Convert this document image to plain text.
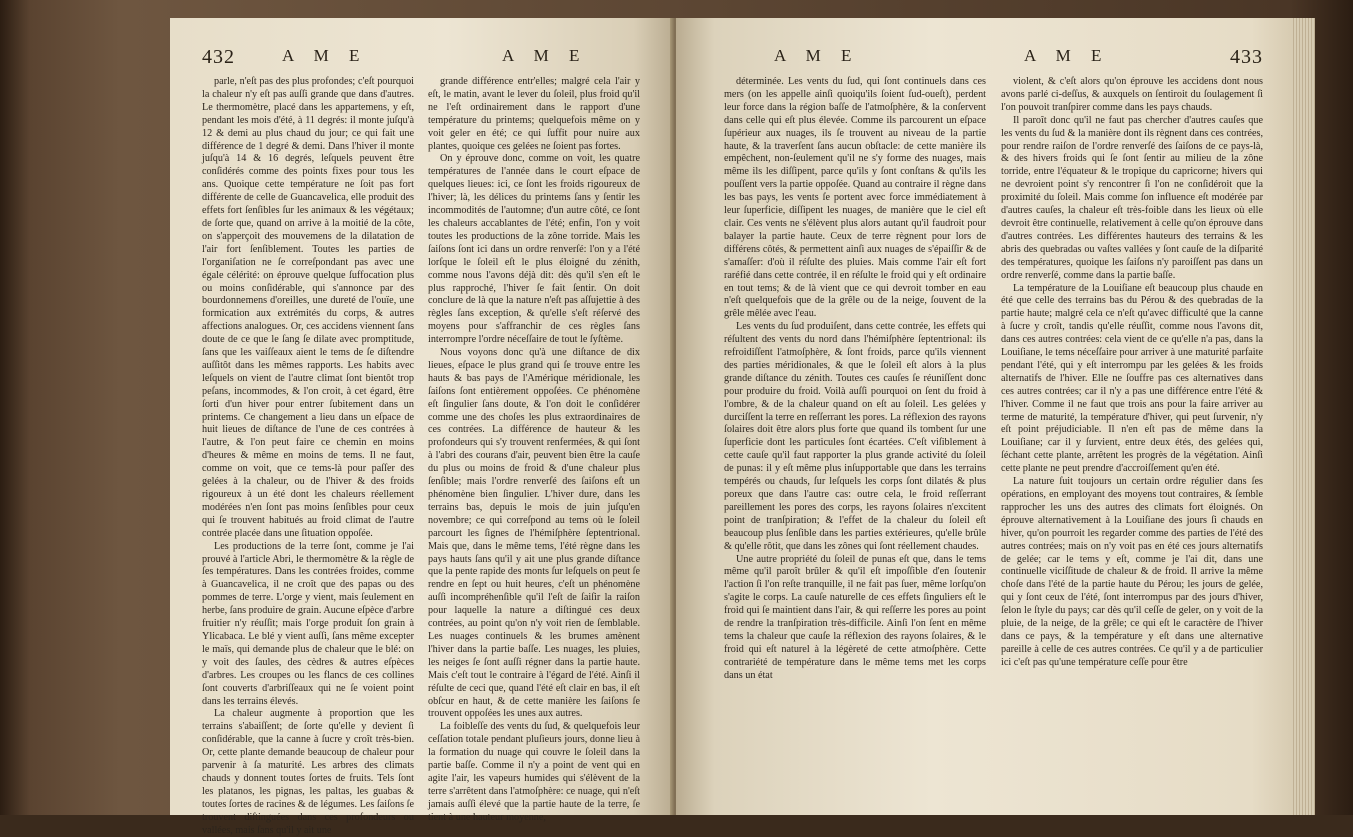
432	A M E	A M E

parle, n'eſt pas des plus profondes; c'eſt pourquoi la chaleur n'y eſt pas auſſi grande que dans d'autres. Le thermomètre, placé dans les appartemens, y eſt, pendant les mois d'été, à 11 degrés: il monte juſqu'à 12 & demi au plus chaud du jour; ce qui fait une différence de 1 degré & demi. Dans l'hiver il monte juſqu'à 14 & 16 degrés, leſquels peuvent être conſidérés comme des points fixes pour tous les ans. Quoique cette température ne ſoit pas fort différente de celle de Guancavelica, elle produit des effets fort ſenſibles ſur les animaux & les végétaux; de ſorte que, quand on arrive à la moitié de la côte, on s'apperçoit des mouvemens de la dilatation de l'air fort ſenſiblement. Toutes les parties de l'organiſation ne ſe correſpondant pas avec une égale célérité: on éprouve quelque ſuffocation plus ou moins conſidérable, qui s'annonce par des bourdonnemens d'oreilles, une dureté de l'ouïe, une formication aux extrémités du corps, & autres affections analogues. Or, ces accidens viennent ſans doute de ce que le ſang ſe dilate avec promptitude, ſans que les vaiſſeaux aient le tems de ſe diſtendre auſſitôt dans les mêmes rapports. Les habits avec leſquels on vient de l'autre climat ſont bientôt trop peſans, incommodes, & l'on croit, à cet égard, être ſorti d'un hiver pour entrer ſubitement dans un printems. Ce changement a lieu dans un eſpace de huit lieues de diſtance de l'une de ces contrées à l'autre, & l'on peut faire ce chemin en moins d'heures & même en moins de tems. Il ne faut, comme on voit, que ce tems-là pour paſſer des gelées à la chaleur, ou de l'hiver & des froids rigoureux à un été dont les chaleurs réellement modérées n'en ſont pas moins ſenſibles pour ceux qui ſe trouvent habitués au froid climat de l'autre contrée placée dans une ſituation oppoſée.

Les productions de la terre ſont, comme je l'ai prouvé à l'article Abri, le thermomètre & la règle de ſes températures. Dans les contrées froides, comme à Guancavelica, il ne croît que des papas ou des pommes de terre. L'orge y vient, mais ſeulement en herbe, ſans produire de grain. Aucune eſpèce d'arbre fruitier n'y réuſſit; mais l'orge produit ſon grain à Ylicabaca. Le blé y vient auſſi, ſans même excepter le maïs, qui demande plus de chaleur que le blé: on y voit des ſaules, des cèdres & autres eſpèces d'arbres. Les croupes ou les flancs de ces collines ſont couverts d'arbriſſeaux qui ne ſe voient point dans les terrains élevés.

La chaleur augmente à proportion que les terrains s'abaiſſent; de ſorte qu'elle y devient ſi conſidérable, que la canne à ſucre y croît très-bien. Or, cette plante demande beaucoup de chaleur pour parvenir à ſa maturité. Les arbres des climats chauds y donnent toutes ſortes de fruits. Tels ſont les platanos, les pignas, les paltas, les guabas & toutes ſortes de racines & de légumes. Les ſaiſons ſe trouvent diſtinguées dans ces profondeurs ou vallées, mais ſans qu'il y ait une

grande différence entr'elles; malgré cela l'air y eſt, le matin, avant le lever du ſoleil, plus froid qu'il ne l'eſt ordinairement dans le rapport d'une température du printems; quelquefois même on y voit geler en été; ce qui ſuffit pour nuire aux plantes, quoique ces gelées ne ſoient pas fortes.

On y éprouve donc, comme on voit, les quatre températures de l'année dans le court eſpace de quelques lieues: ici, ce ſont les froids rigoureux de l'hiver; là, les délices du printems ſans y ſentir les incommodités de l'automne; d'un autre côté, ce ſont les chaleurs accablantes de l'été; enfin, l'on y voit toutes les productions de la zône torride. Mais les ſaiſons ſont ici dans un ordre renverſé: l'on y a l'été lorſque le ſoleil eſt le plus éloigné du zénith, comme nous l'avons déjà dit: dès qu'il s'en eſt le plus rapproché, l'hiver ſe fait ſentir. On doit conclure de là que la nature n'eſt pas aſſujettie à des règles ſans exception, & qu'elle s'eſt réſervé des moyens pour s'affranchir de ces règles ſans interrompre l'ordre néceſſaire de tout le ſyſtème.

Nous voyons donc qu'à une diſtance de dix lieues, eſpace le plus grand qui ſe trouve entre les hauts & bas pays de l'Amérique méridionale, les ſaiſons ſont entièrement oppoſées. Ce phénomène eſt ſingulier ſans doute, & l'on doit le conſidérer comme une des choſes les plus extraordinaires de ces contrées. La différence de hauteur & les profondeurs qui s'y trouvent renfermées, & qui ſont à l'abri des courans d'air, peuvent bien être la cauſe du plus ou moins de froid & d'une chaleur plus ſenſible; mais l'ordre renverſé des ſaiſons eſt un phénomène bien ſingulier. L'hiver dure, dans les terrains bas, depuis le mois de juin juſqu'en novembre; ce qui correſpond au tems où le ſoleil parcourt les ſignes de l'hémiſphère ſeptentrional. Mais que, dans le même tems, l'été règne dans les pays hauts ſans qu'il y ait une plus grande diſtance que la pente rapide des monts ſur leſquels on peut ſe rendre en ſept ou huit heures, c'eſt un phénomène auſſi incompréhenſible qu'il l'eſt de ſaiſir la raiſon pour laquelle la nature a diſtingué ces deux contrées, au point qu'on n'y voit rien de ſemblable. Les nuages continuels & les brumes amènent l'hiver dans la partie baſſe. Les nuages, les pluies, les neiges ſe ſont auſſi régner dans la partie haute. Mais c'eſt tout le contraire à l'égard de l'été. Ainſi il réſulte de ceci que, quand l'été eſt clair en bas, il eſt obſcur en haut, & de cette manière les ſaiſons ſe trouvent oppoſées les unes aux autres.

La foibleſſe des vents du ſud, & quelquefois leur ceſſation totale pendant pluſieurs jours, donne lieu à la formation du nuage qui couvre le ſoleil dans la partie baſſe. Comme il n'y a point de vent qui en agite l'air, les vapeurs humides qui s'élèvent de la terre s'arrêtent dans l'atmoſphère: ce nuage, qui n'eſt jamais auſſi élevé que la partie haute de la terre, ſe tient à une hauteur moyenne,

A M E	A M E	433

déterminée. Les vents du ſud, qui ſont continuels dans ces mers (on les appelle ainſi quoiqu'ils ſoient ſud-oueſt), perdent leur force dans la région baſſe de l'atmoſphère, & la conſervent dans celle qui eſt plus élevée. Comme ils parcourent un eſpace ſupérieur aux nuages, ils ſe trouvent au niveau de la partie haute, & la traverſent ſans aucun obſtacle: de cette manière ils empêchent, non-ſeulement qu'il ne s'y forme des nuages, mais même ils les diſſipent, parce qu'ils y ſont conſtans & qu'ils les pouſſent vers la partie oppoſée. Quand au contraire il règne dans les bas pays, les vents ſe portent avec force immédiatement à leur ſuperficie, diſſipent les nuages, de manière que le ciel eſt clair. Ces vents ne s'élèvent plus alors autant qu'il faudroit pour balayer la partie haute. Ceux de terre règnent pour lors de différens côtés, & permettent ainſi aux nuages de s'épaiſſir & de s'amaſſer: d'où il réſulte des pluies. Mais comme l'air eſt fort raréfié dans cette contrée, il en réſulte le froid qui y eſt ordinaire en tout tems; & de là vient que ce qui devroit tomber en eau n'eſt quelquefois que de la grêle ou de la neige, ſouvent de la grêle mêlée avec l'eau.

Les vents du ſud produiſent, dans cette contrée, les effets qui réſultent des vents du nord dans l'hémiſphère ſeptentrional: ils refroidiſſent l'atmoſphère, & ſont froids, parce qu'ils viennent des parties méridionales, & que le ſoleil eſt alors à la plus grande diſtance du zénith. Toutes ces cauſes ſe réuniſſent donc pour produire du froid. Voilà auſſi pourquoi on ſent du froid à l'ombre, & de la chaleur quand on eſt au ſoleil. Les gelées y durciſſent la terre en reſſerrant les pores. La réflexion des rayons ſolaires doit être alors plus forte que quand ils tombent ſur une ſuperficie dont les particules ſont écartées. C'eſt viſiblement à cette cauſe qu'il faut rapporter la plus grande activité du ſoleil de punas: il y eſt même plus inſupportable que dans les terrains tempérés ou chauds, ſur leſquels les corps ſont dilatés & plus poreux que dans l'autre cas: outre cela, le froid reſſerrant pareillement les pores des corps, les rayons ſolaires n'excitent point de tranſpiration; & l'effet de la chaleur du ſoleil eſt beaucoup plus ſenſible dans les parties extérieures, qu'elle brûle & qu'elle rôtit, que dans les zônes qui ſont réellement chaudes.

Une autre propriété du ſoleil de punas eſt que, dans le tems même qu'il paroît brûler & qu'il eſt impoſſible d'en ſoutenir l'action ſi l'on reſte tranquille, il ne fait pas ſuer, même lorſqu'on s'agite le corps. La cauſe naturelle de ces effets ſinguliers eſt le froid qui ſe maintient dans l'air, & qui reſſerre les pores au point de rendre la tranſpiration très-difficile. Ainſi l'on ſent en même tems la chaleur que cauſe la réflexion des rayons ſolaires, & le froid qui eſt naturel à la légèreté de cette atmoſphère. Cette contrariété de température dans le même tems met les corps dans un état

violent, & c'eſt alors qu'on éprouve les accidens dont nous avons parlé ci-deſſus, & auxquels on ſentiroit du ſoulagement ſi l'on pouvoit tranſpirer comme dans les pays chauds.

Il paroît donc qu'il ne faut pas chercher d'autres cauſes que les vents du ſud & la manière dont ils règnent dans ces contrées, pour rendre raiſon de l'ordre renverſé des ſaiſons de ce pays-là, & des hivers froids qui ſe ſont ſentir au milieu de la zône torride, entre l'équateur & le tropique du capricorne; hivers qui ne devroient point s'y rencontrer ſi l'on ne conſidéroit que la proximité du ſoleil. Mais comme ſon influence eſt modérée par d'autres cauſes, la chaleur eſt très-foible dans les lieux où elle devroit être continuelle, relativement à celle qu'on éprouve dans d'autres contrées. Les différentes hauteurs des terrains & les abris des quebradas ou vaſtes vallées y ſont cauſe de la diſparité des températures, quoique les ſaiſons n'y paroiſſent pas dans un ordre renverſé, comme dans la partie baſſe.

La température de la Louiſiane eſt beaucoup plus chaude en été que celle des terrains bas du Pérou & des quebradas de la partie haute; malgré cela ce n'eſt qu'avec difficulté que la canne à ſucre y croît, tandis qu'elle réuſſit, comme nous l'avons dit, dans ces autres contrées: cela vient de ce qu'elle n'a pas, dans la Louiſiane, le tems néceſſaire pour arriver à une maturité parfaite pendant l'été, qui y eſt interrompu par les gelées & les froids alternatifs de l'hiver. Elle ne ſouffre pas ces alternatives dans ces autres contrées; car il n'y a pas une différence entre l'été & l'hiver. Comme il ne faut que trois ans pour la faire arriver au terme de maturité, la température d'hiver, qui peut ſurvenir, n'y eſt point préjudiciable. Il n'en eſt pas de même dans la Louiſiane; car il y ſurvient, entre deux étés, des gelées qui, ſéchant cette plante, arrêtent les progrès de la végétation. Ainſi cette plante ne peut prendre d'accroiſſement qu'en été.

La nature ſuit toujours un certain ordre régulier dans ſes opérations, en employant des moyens tout contraires, & ſemble rapprocher les uns des autres des climats fort éloignés. On éprouve alternativement à la Louiſiane des jours ſi chauds en hiver, qu'on pourroit les regarder comme des parties de l'été des autres contrées; mais on n'y voit pas en été ces jours alternatifs de gelée; car le tems y eſt, comme je l'ai dit, dans une continuelle viciſſitude de chaleur & de froid. Il arrive la même choſe dans l'été de la partie haute du Pérou; les jours de gelée, qui y ſont ceux de l'été, ſont interrompus par des jours d'hiver, ſelon le ſtyle du pays; car dès qu'il ceſſe de geler, on y voit de la pluie, de la neige, de la grêle; ce qui eſt le caractère de l'hiver dans ce pays, & la température y eſt dans une alternative pareille à celle de ces autres contrées. Ce qu'il y a de particulier ici c'eſt pas qu'une température ceſſe pour être
